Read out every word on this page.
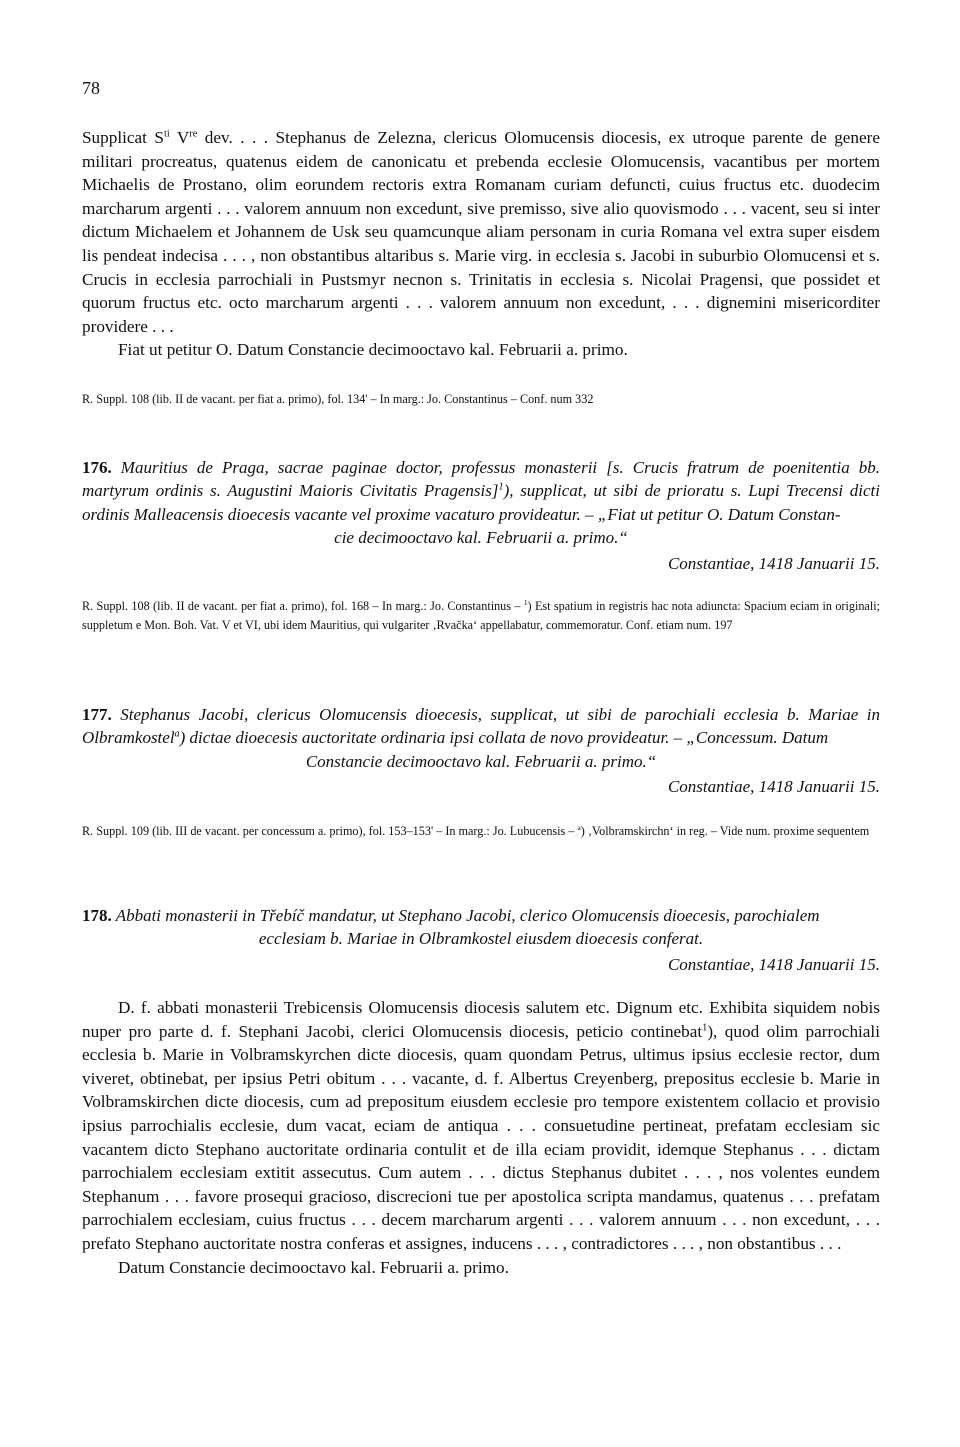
78

Supplicat $S^{ti}$ Vre dev. . . . Stephanus de Zelezna, clericus Olomucensis diocesis, ex utroque parente de genere militari procreatus, quatenus eidem de canonicatu et prebenda ecclesie Olomucensis, vacantibus per mortem Michaelis de Prostano, olim eorundem rectoris extra Romanam curiam defuncti, cuius fructus etc. duodecim marcharum argenti . . . valorem annuum non excedunt, sive premisso, sive alio quovismodo . . . vacent, seu si inter dictum Michaelem et Johannem de Usk seu quamcunque aliam personam in curia Romana vel extra super eisdem lis pendeat indecisa . . . , non obstantibus altaribus s. Marie virg. in ecclesia s. Jacobi in suburbio Olomucensi et s. Crucis in ecclesia parrochiali in Pustsmyr necnon s. Trinitatis in ecclesia s. Nicolai Pragensi, que possidet et quorum fructus etc. octo marcharum argenti . . . valorem annuum non excedunt, . . . dignemini misericorditer providere . . .

Fiat ut petitur O. Datum Constancie decimooctavo kal. Februarii a. primo.

R. Suppl. 108 (lib. II de vacant. per fiat a. primo), fol. 134' – In marg.: Jo. Constantinus – Conf. num 332

176. Mauritius de Praga, sacrae paginae doctor, professus monasterii [s. Crucis fratrum de poenitentia bb. martyrum ordinis s. Augustini Maioris Civitatis Pragensis]$^1$), supplicat, ut sibi de prioratu s. Lupi Trecensi dicti ordinis Malleacensis dioecesis vacante vel proxime vacaturo provideatur. – „Fiat ut petitur O. Datum Constan-

cie decimooctavo kal. Februarii a. primo.“

Constantiae, 1418 Januarii 15.

R. Suppl. 108 (lib. II de vacant. per fiat a. primo), fol. 168 – In marg.: Jo. Constantinus – $^1$) Est spatium in registris hac nota adiuncta: Spacium eciam in originali; suppletum e Mon. Boh. Vat. V et VI, ubi idem Mauritius, qui vulgariter ‚Rvačka‘ appellabatur, commemoratur. Conf. etiam num. 197

177. Stephanus Jacobi, clericus Olomucensis dioecesis, supplicat, ut sibi de parochiali ecclesia b. Mariae in Olbramkostel$^a$) dictae dioecesis auctoritate ordinaria ipsi collata de novo provideatur. – „Concessum. Datum

Constancie decimooctavo kal. Februarii a. primo.“

Constantiae, 1418 Januarii 15.

R. Suppl. 109 (lib. III de vacant. per concessum a. primo), fol. 153–153' – In marg.: Jo. Lubucensis – $^a$) ‚Volbramskirchn‘ in reg. – Vide num. proxime sequentem

178. Abbati monasterii in Třebíč mandatur, ut Stephano Jacobi, clerico Olomucensis dioecesis, parochialem

ecclesiam b. Mariae in Olbramkostel eiusdem dioecesis conferat.

Constantiae, 1418 Januarii 15.

D. f. abbati monasterii Trebicensis Olomucensis diocesis salutem etc. Dignum etc. Exhibita siquidem nobis nuper pro parte d. f. Stephani Jacobi, clerici Olomucensis diocesis, peticio continebat$^1$), quod olim parrochiali ecclesia b. Marie in Volbramskyrchen dicte diocesis, quam quondam Petrus, ultimus ipsius ecclesie rector, dum viveret, obtinebat, per ipsius Petri obitum . . . vacante, d. f. Albertus Creyenberg, prepositus ecclesie b. Marie in Volbramskirchen dicte diocesis, cum ad prepositum eiusdem ecclesie pro tempore existentem collacio et provisio ipsius parrochialis ecclesie, dum vacat, eciam de antiqua . . . consuetudine pertineat, prefatam ecclesiam sic vacantem dicto Stephano auctoritate ordinaria contulit et de illa eciam providit, idemque Stephanus . . . dictam parrochialem ecclesiam extitit assecutus. Cum autem . . . dictus Stephanus dubitet . . . , nos volentes eundem Stephanum . . . favore prosequi gracioso, discrecioni tue per apostolica scripta mandamus, quatenus . . . prefatam parrochialem ecclesiam, cuius fructus . . . decem marcharum argenti . . . valorem annuum . . . non excedunt, . . . prefato Stephano auctoritate nostra conferas et assignes, inducens . . . , contradictores . . . , non obstantibus . . .

Datum Constancie decimooctavo kal. Februarii a. primo.
